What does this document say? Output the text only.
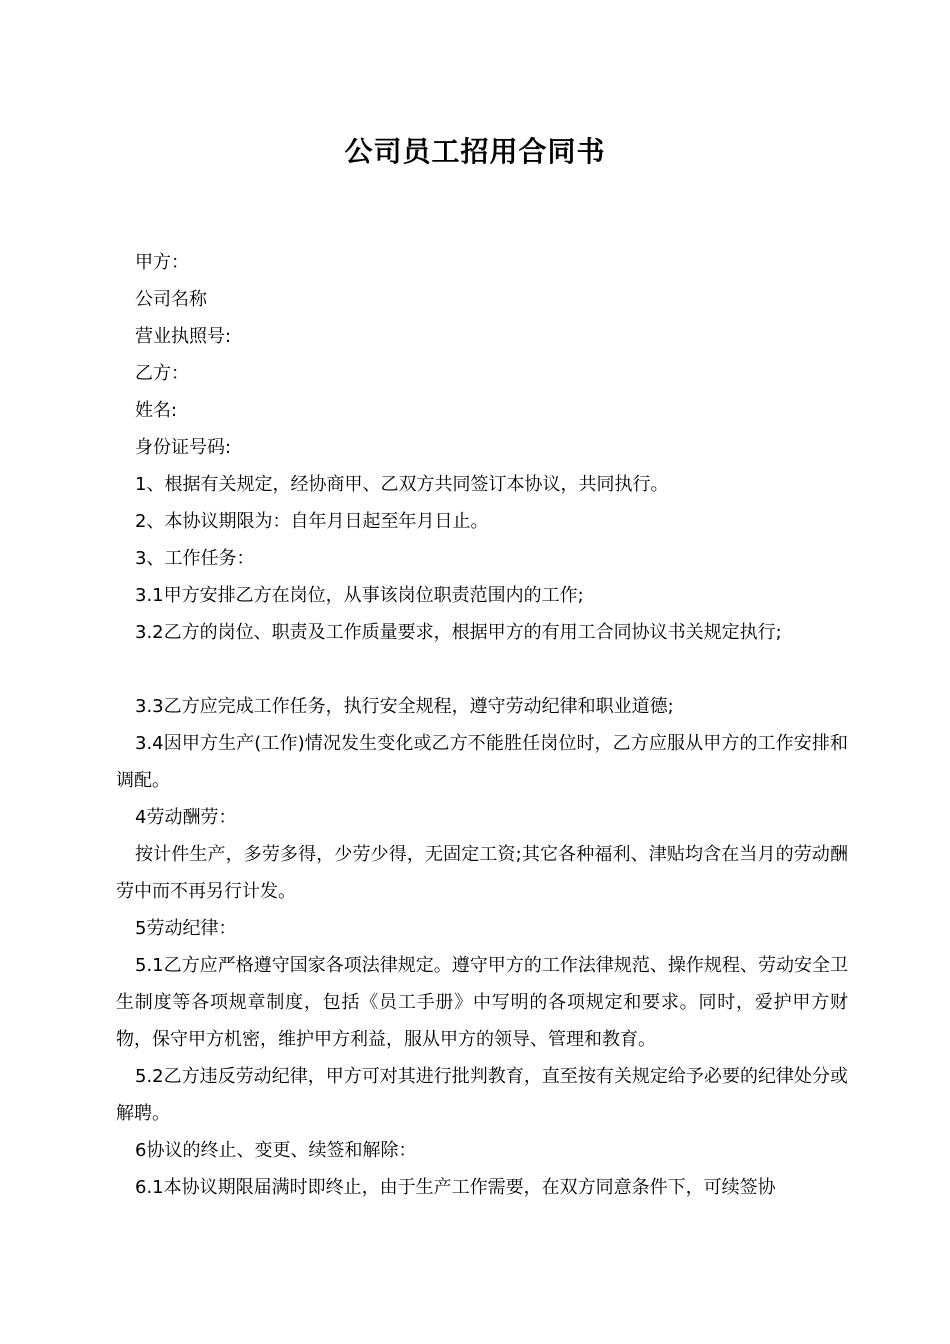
公司员工招用合同书

甲方：

公司名称

营业执照号:

乙方：

姓名:

身份证号码:

1、根据有关规定，经协商甲、乙双方共同签订本协议，共同执行。

2、本协议期限为：自年月日起至年月日止。

3、工作任务：

3.1甲方安排乙方在岗位，从事该岗位职责范围内的工作;

3.2乙方的岗位、职责及工作质量要求，根据甲方的有用工合同协议书关规定执行;

3.3乙方应完成工作任务，执行安全规程，遵守劳动纪律和职业道德;

3.4因甲方生产(工作)情况发生变化或乙方不能胜任岗位时，乙方应服从甲方的工作安排和调配。

4劳动酬劳：

按计件生产，多劳多得，少劳少得，无固定工资;其它各种福利、津贴均含在当月的劳动酬劳中而不再另行计发。

5劳动纪律：

5.1乙方应严格遵守国家各项法律规定。遵守甲方的工作法律规范、操作规程、劳动安全卫生制度等各项规章制度，包括《员工手册》中写明的各项规定和要求。同时，爱护甲方财物，保守甲方机密，维护甲方利益，服从甲方的领导、管理和教育。

5.2乙方违反劳动纪律，甲方可对其进行批判教育，直至按有关规定给予必要的纪律处分或解聘。

6协议的终止、变更、续签和解除：

6.1本协议期限届满时即终止，由于生产工作需要，在双方同意条件下，可续签协
